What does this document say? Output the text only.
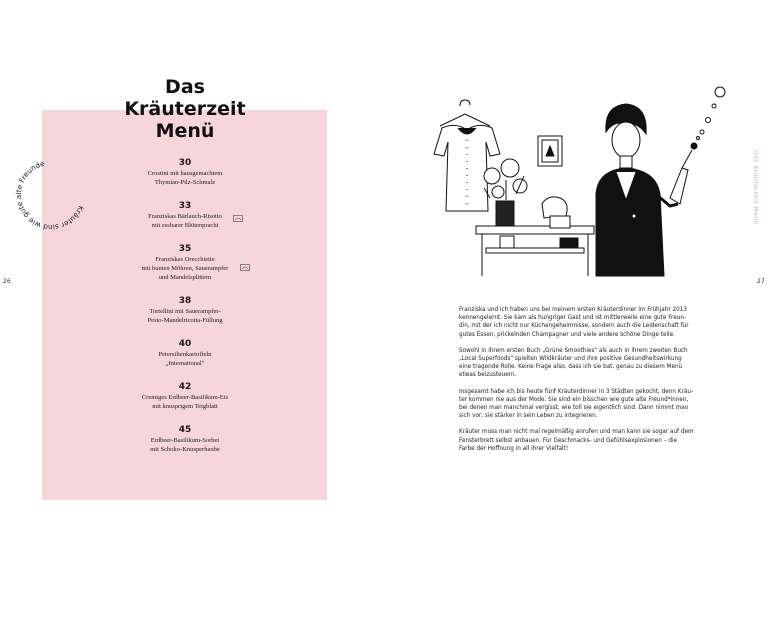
Das
Kräuterzeit
Menü
Kräuter sind wie gute alte Freunde	30
Crostini mit hausgemachtem
Thymian-Pilz-Schmalz
33
Franziskas Bärlauch-Risotto
mit essbarer Blütenpracht
35
Franziskas Orecchiette
mit bunten Möhren, Sauerampfer
und Mandelsplittern
38
Tortellini mit Sauerampfer-
Pesto-Mandelricotta-Füllung
40
Petersilienkartoffeln
„International"
42
Cremiges Erdbeer-Basilikum-Eis
mit knusprigem Teigblatt
45
Erdbeer-Basilikum-Sorbet
mit Schoko-Knusperhaube
26
Das Kräuterzeit Menü

Franziska und ich haben uns bei meinem ersten Kräuterdinner im Frühjahr 2013
kennengelernt. Sie kam als hungriger Gast und ist mittlerweile eine gute Freun-
din, mit der ich nicht nur Küchengeheimnisse, sondern auch die Leidenschaft für
gutes Essen, prickelnden Champagner und viele andere schöne Dinge teile.

Sowohl in ihrem ersten Buch „Grüne Smoothies" als auch in ihrem zweiten Buch
„Local Superfoods" spielten Wildkräuter und ihre positive Gesundheitswirkung
eine tragende Rolle. Keine Frage also, dass ich sie bat, genau zu diesem Menü
etwas beizusteuern.

Insgesamt habe ich bis heute fünf Kräuterdinner in 3 Städten gekocht, denn Kräu-
ter kommen nie aus der Mode. Sie sind ein bisschen wie gute alte Freund*innen,
bei denen man manchmal vergisst, wie toll sie eigentlich sind. Dann nimmt man
sich vor, sie stärker in sein Leben zu integrieren.

Kräuter muss man nicht mal regelmäßig anrufen und man kann sie sogar auf dem
Fensterbrett selbst anbauen. Für Geschmacks- und Gefühlsexplosionen – die
Farbe der Hoffnung in all ihrer Vielfalt!

27
